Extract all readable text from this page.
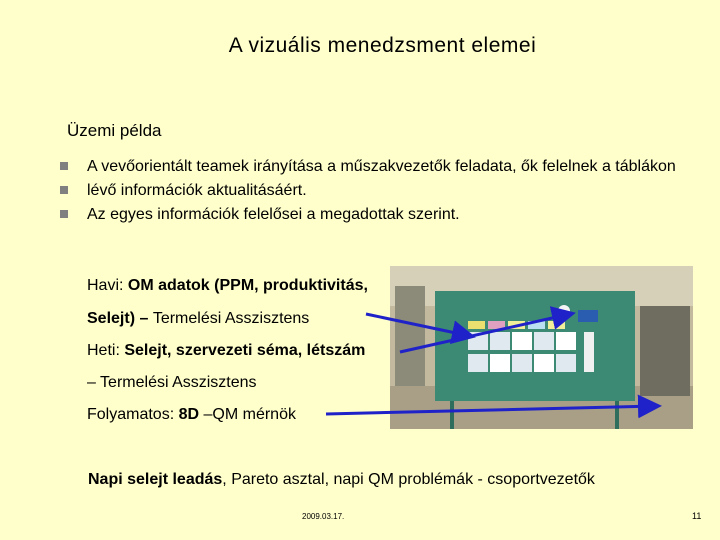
A vizuális menedzsment elemei
Üzemi példa
A vevőorientált teamek irányítása a műszakvezetők feladata, ők felelnek a táblákon
lévő információk aktualitásáért.
Az egyes információk felelősei a megadottak szerint.
Havi: OM adatok (PPM, produktivitás,
Selejt) – Termelési Asszisztens
Heti: Selejt, szervezeti séma, létszám
– Termelési Asszisztens
Folyamatos: 8D –QM mérnök
Napi selejt leadás, Pareto asztal, napi QM problémák - csoportvezetők
2009.03.17.	11
